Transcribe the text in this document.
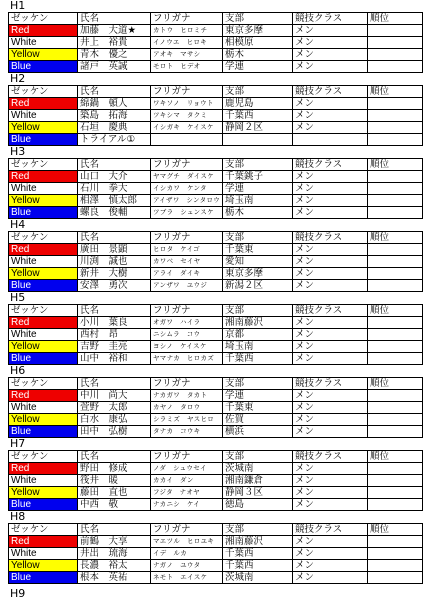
H1
ゼッケン	氏名	フリガナ	支部	競技クラス	順位
Red	加藤　大道★	カトウ　ヒロミチ	東京多摩	メン	
White	井上　裕貴	イノウエ　ヒロキ	相模原	メン	
Yellow	青木　優之	アオキ　マサシ	栃木	メン	
Blue	諸戸　英誠	モロト　ヒデオ	学連	メン	
H2
ゼッケン	氏名	フリガナ	支部	競技クラス	順位
Red	綿鍋　頓人	ワキソノ　リョウト	鹿児島	メン	
White	築島　拓海	ツキシマ　タクミ	千葉西	メン	
Yellow	石垣　慶典	イシガキ　ケイスケ	静岡２区	メン	
Blue	トライアル①				
H3
ゼッケン	氏名	フリガナ	支部	競技クラス	順位
Red	山口　大介	ヤマグチ　ダイスケ	千葉銚子	メン	
White	石川　拳大	イシカワ　ケンタ	学連	メン	
Yellow	相澤　慎太郎	アイザワ　シンタロウ	埼玉南	メン	
Blue	螺良　俊輔	ツブラ　シュンスケ	栃木	メン	
H4
ゼッケン	氏名	フリガナ	支部	競技クラス	順位
Red	廣田　景顕	ヒロタ　ケイゴ	千葉東	メン	
White	川渕　誠也	カワベ　セイヤ	愛知	メン	
Yellow	新井　大樹	アライ　ダイキ	東京多摩	メン	
Blue	安澤　勇次	アンザワ　ユウジ	新潟２区	メン	
H5
ゼッケン	氏名	フリガナ	支部	競技クラス	順位
Red	小川　葉良	オガワ　ハイラ	湘南藤沢	メン	
White	西村　昂	ニシムラ　コウ	京都	メン	
Yellow	吉野　圭亮	ヨシノ　ケイスケ	埼玉南	メン	
Blue	山中　裕和	ヤマナカ　ヒロカズ	千葉西	メン	
H6
ゼッケン	氏名	フリガナ	支部	競技クラス	順位
Red	中川　尚大	ナカガワ　タカト	学連	メン	
White	萱野　太郎	カヤノ　タロウ	千葉東	メン	
Yellow	白水　康弘	シラミズ　ヤスヒロ	佐賀	メン	
Blue	田中　弘樹	タナカ　コウキ	横浜	メン	
H7
ゼッケン	氏名	フリガナ	支部	競技クラス	順位
Red	野田　修成	ノダ　シュウセイ	茨城南	メン	
White	筏井　暖	カカイ　ダン	湘南鎌倉	メン	
Yellow	藤田　直也	フジタ　ナオヤ	静岡３区	メン	
Blue	中西　敬	ナカニシ　ケイ	徳島	メン	
H8
ゼッケン	氏名	フリガナ	支部	競技クラス	順位
Red	前鶴　大享	マエツル　ヒロユキ	湘南藤沢	メン	
White	井出　琉海	イデ　ルカ	千葉西	メン	
Yellow	長濃　裕太	ナガノ　ユウタ	千葉西	メン	
Blue	根本　英祐	ネモト　エイスケ	茨城南	メン	
H9
